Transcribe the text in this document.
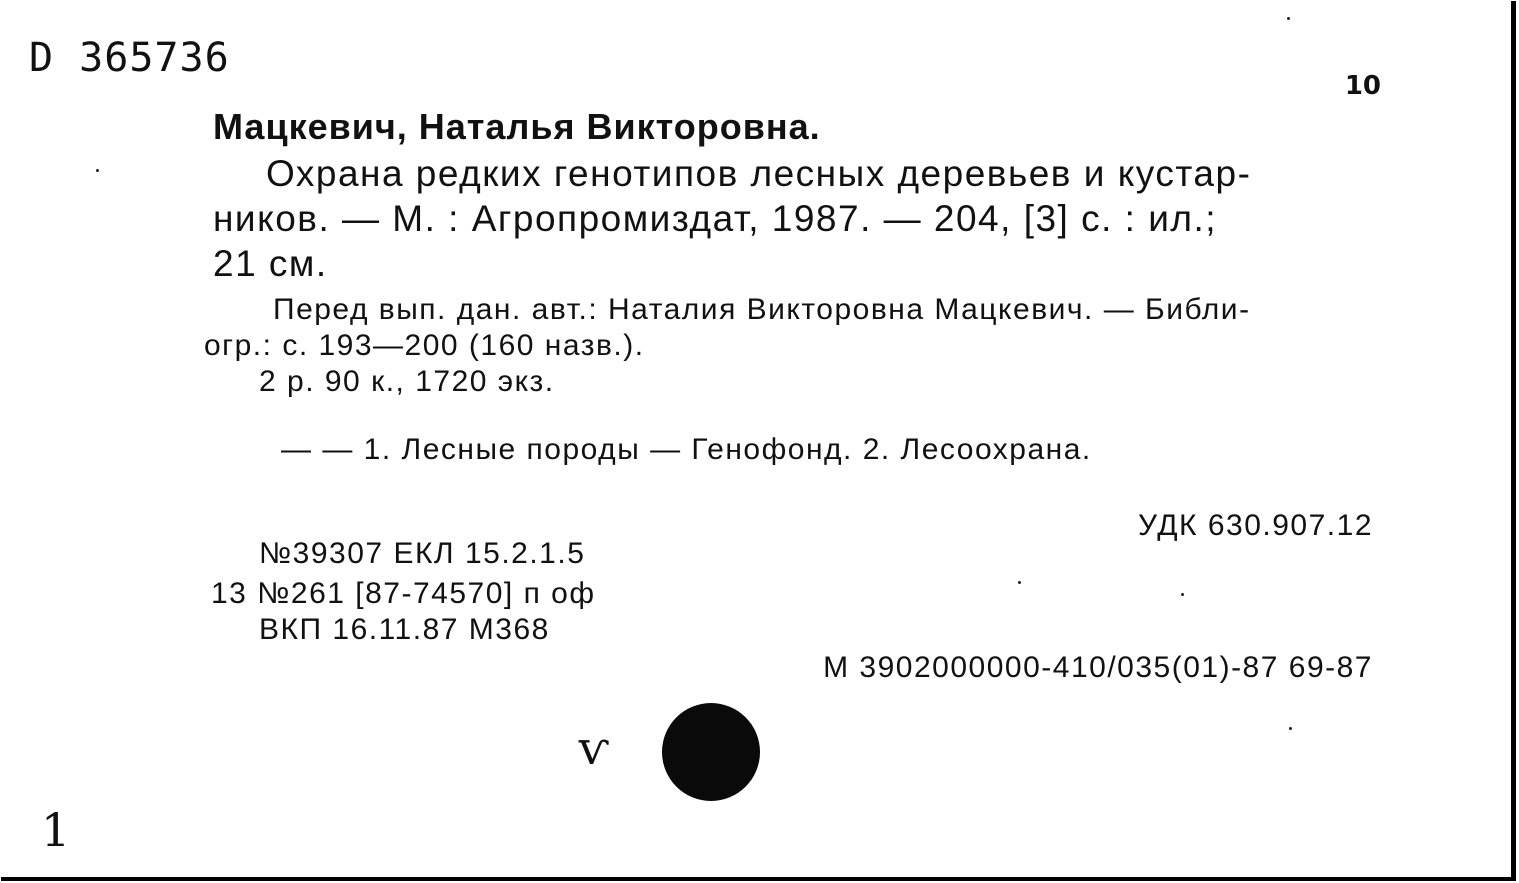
D 365736
10
Мацкевич, Наталья Викторовна.
Охрана редких генотипов лесных деревьев и кустар-
ников. — М. : Агропромиздат, 1987. — 204, [3] с. : ил.;
21 см.
Перед вып. дан. авт.: Наталия Викторовна Мацкевич. — Библи-
огр.: с. 193—200 (160 назв.).
2 р. 90 к., 1720 экз.
— — 1. Лесные породы — Генофонд. 2. Лесоохрана.
УДК 630.907.12
№39307 ЕКЛ 15.2.1.5
13 №261 [87-74570] п оф
ВКП 16.11.87 М368
М 3902000000-410/035(01)-87 69-87
ѵ
1
